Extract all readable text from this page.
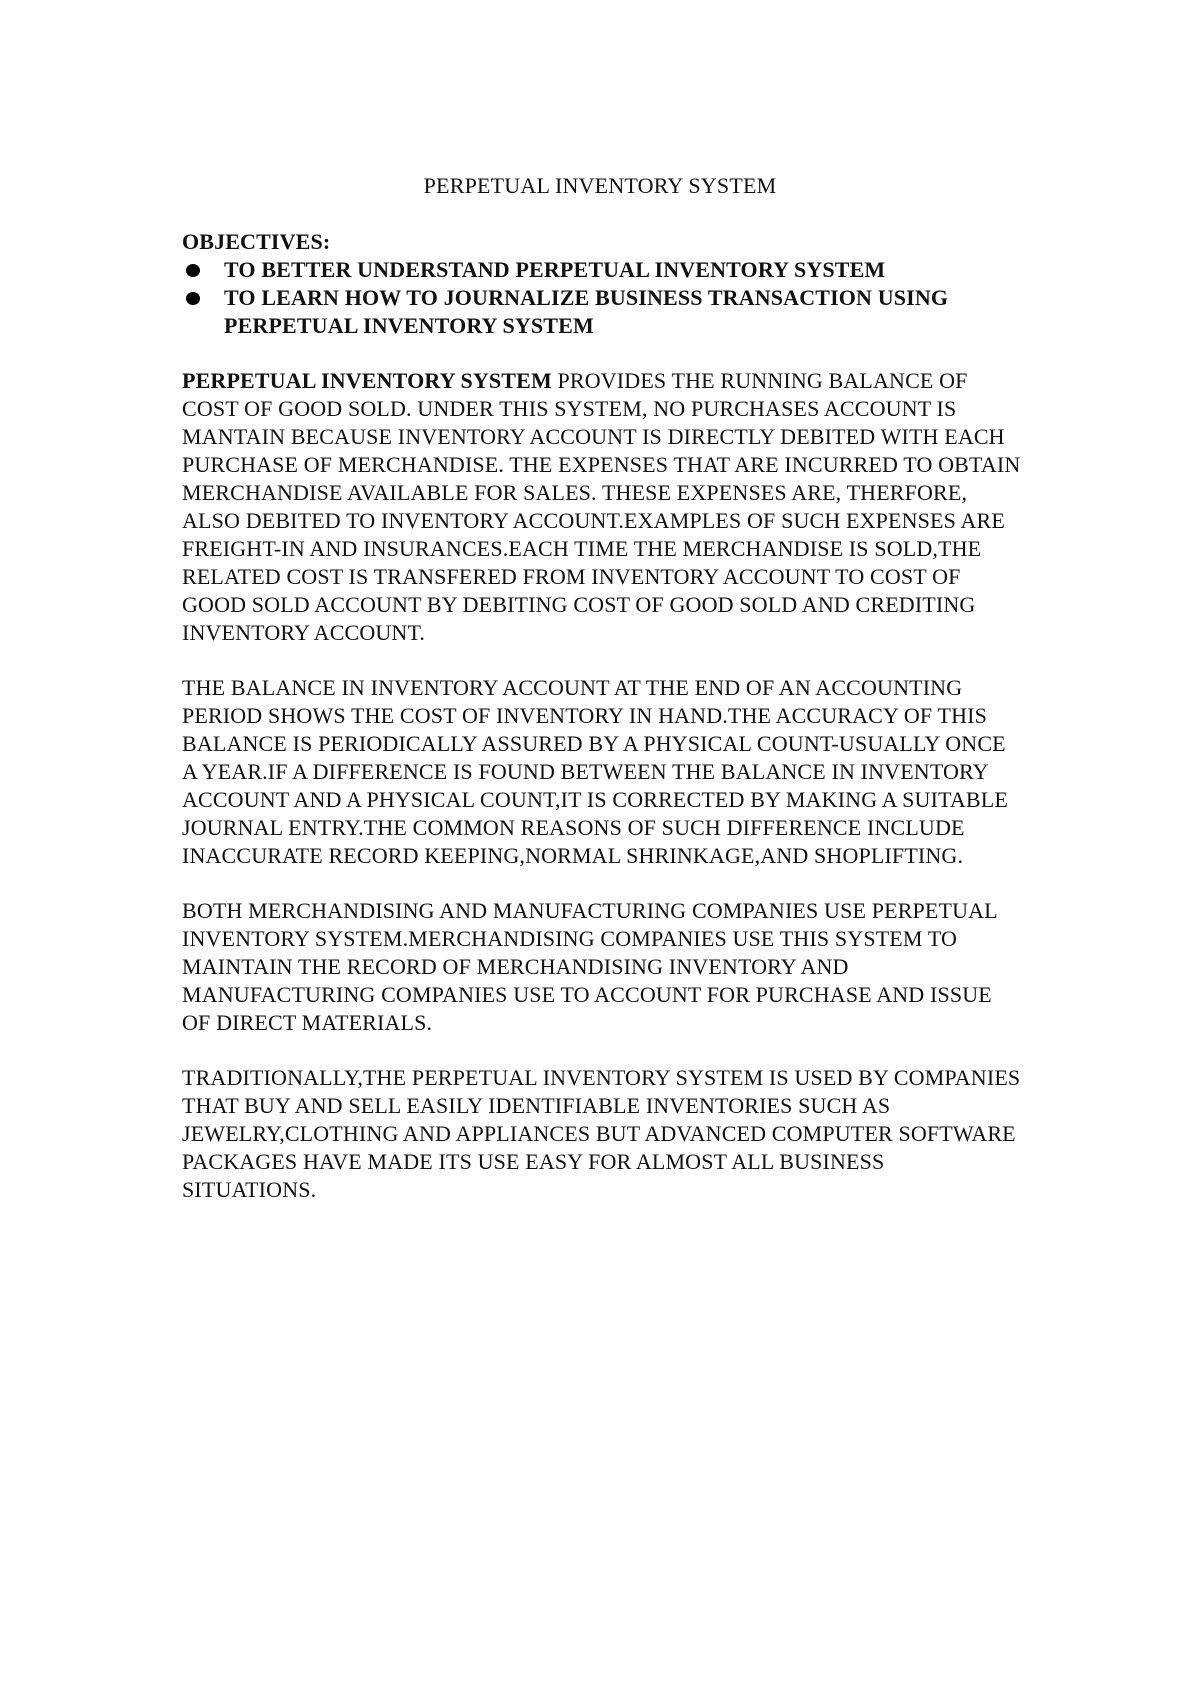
PERPETUAL INVENTORY SYSTEM

OBJECTIVES:

TO BETTER UNDERSTAND PERPETUAL INVENTORY SYSTEM
TO LEARN HOW TO JOURNALIZE BUSINESS TRANSACTION USING PERPETUAL INVENTORY SYSTEM

PERPETUAL INVENTORY SYSTEM PROVIDES THE RUNNING BALANCE OF COST OF GOOD SOLD. UNDER THIS SYSTEM, NO PURCHASES ACCOUNT IS MANTAIN BECAUSE INVENTORY ACCOUNT IS DIRECTLY DEBITED WITH EACH PURCHASE OF MERCHANDISE. THE EXPENSES THAT ARE INCURRED TO OBTAIN MERCHANDISE AVAILABLE FOR SALES. THESE EXPENSES ARE, THERFORE, ALSO DEBITED TO INVENTORY ACCOUNT.EXAMPLES OF SUCH EXPENSES ARE FREIGHT-IN AND INSURANCES.EACH TIME THE MERCHANDISE IS SOLD,THE RELATED COST IS TRANSFERED FROM INVENTORY ACCOUNT TO COST OF GOOD SOLD ACCOUNT BY DEBITING COST OF GOOD SOLD AND CREDITING INVENTORY ACCOUNT.

THE BALANCE IN INVENTORY ACCOUNT AT THE END OF AN ACCOUNTING PERIOD SHOWS THE COST OF INVENTORY IN HAND.THE ACCURACY OF THIS BALANCE IS PERIODICALLY ASSURED BY A PHYSICAL COUNT-USUALLY ONCE A YEAR.IF A DIFFERENCE IS FOUND BETWEEN THE BALANCE IN INVENTORY ACCOUNT AND A PHYSICAL COUNT,IT IS CORRECTED BY MAKING A SUITABLE JOURNAL ENTRY.THE COMMON REASONS OF SUCH DIFFERENCE INCLUDE INACCURATE RECORD KEEPING,NORMAL SHRINKAGE,AND SHOPLIFTING.

BOTH MERCHANDISING AND MANUFACTURING COMPANIES USE PERPETUAL INVENTORY SYSTEM.MERCHANDISING COMPANIES USE THIS SYSTEM TO MAINTAIN THE RECORD OF MERCHANDISING INVENTORY AND MANUFACTURING COMPANIES USE TO ACCOUNT FOR PURCHASE AND ISSUE OF DIRECT MATERIALS.

TRADITIONALLY,THE PERPETUAL INVENTORY SYSTEM IS USED BY COMPANIES THAT BUY AND SELL EASILY IDENTIFIABLE INVENTORIES SUCH AS JEWELRY,CLOTHING AND APPLIANCES BUT ADVANCED COMPUTER SOFTWARE PACKAGES HAVE MADE ITS USE EASY FOR ALMOST ALL BUSINESS SITUATIONS.
